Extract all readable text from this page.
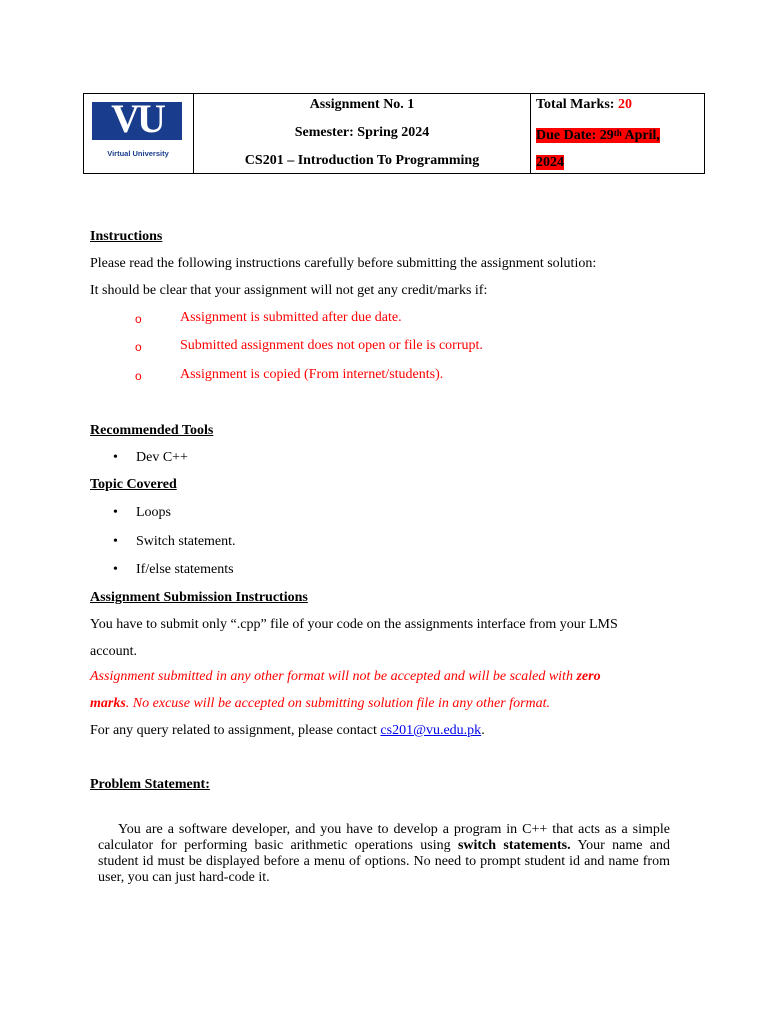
VU
Virtual University
Assignment No. 1
Semester: Spring 2024
CS201 – Introduction To Programming
Total Marks: 20
Due Date: 29th April,
2024
Instructions
Please read the following instructions carefully before submitting the assignment solution:
It should be clear that your assignment will not get any credit/marks if:
o	Assignment is submitted after due date.
o	Submitted assignment does not open or file is corrupt.
o	Assignment is copied (From internet/students).
Recommended Tools
• Dev C++
Topic Covered
• Loops
• Switch statement.
• If/else statements
Assignment Submission Instructions
You have to submit only “.cpp” file of your code on the assignments interface from your LMS
account.
Assignment submitted in any other format will not be accepted and will be scaled with zero
marks. No excuse will be accepted on submitting solution file in any other format.
For any query related to assignment, please contact cs201@vu.edu.pk.
Problem Statement:
You are a software developer, and you have to develop a program in C++ that acts as a simple calculator for performing basic arithmetic operations using switch statements. Your name and student id must be displayed before a menu of options. No need to prompt student id and name from user, you can just hard-code it.
